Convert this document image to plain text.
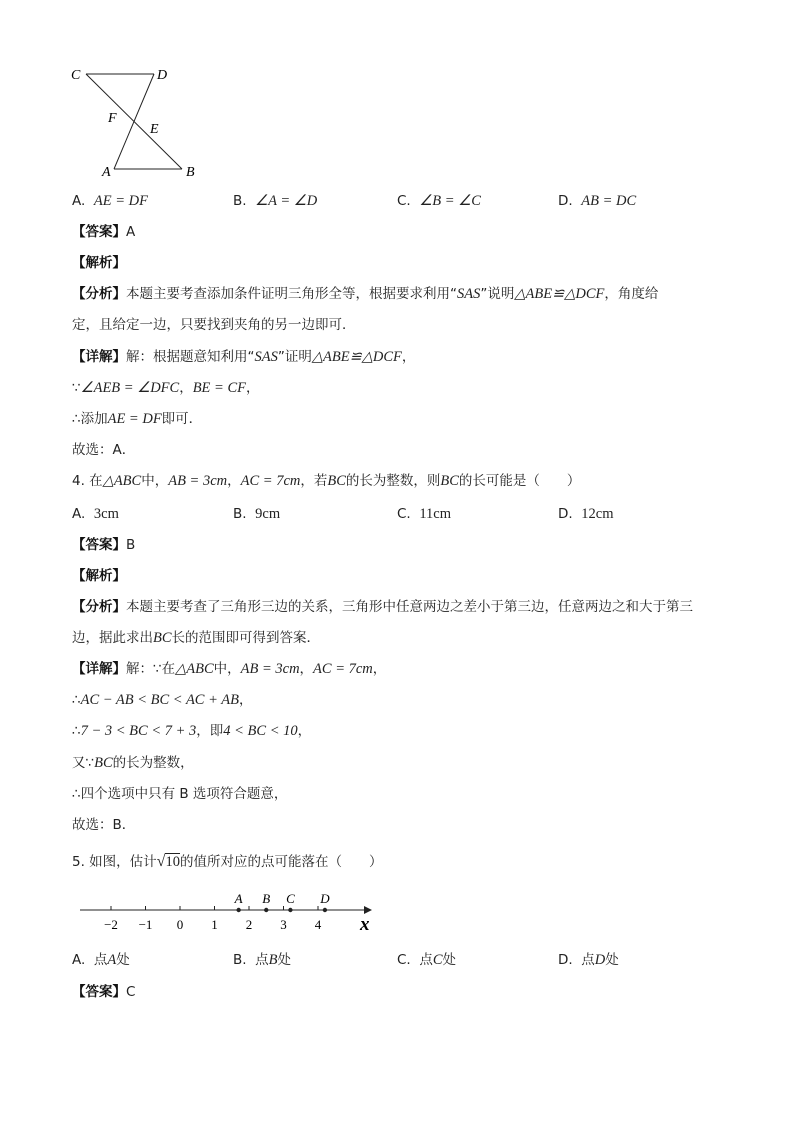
C	D
F
E
A	B
A. AE = DF	B. ∠A = ∠D	C. ∠B = ∠C	D. AB = DC
【答案】A
【解析】
【分析】本题主要考查添加条件证明三角形全等，根据要求利用“SAS”说明△ABE≌△DCF，角度给
定，且给定一边，只要找到夹角的另一边即可．
【详解】解：根据题意知利用“SAS”证明△ABE≌△DCF，
∵∠AEB = ∠DFC，BE = CF，
∴添加AE = DF即可．
故选：A．
4. 在△ABC中，AB = 3cm，AC = 7cm，若BC的长为整数，则BC的长可能是（　　）
A. 3cm	B. 9cm	C. 11cm	D. 12cm
【答案】B
【解析】
【分析】本题主要考查了三角形三边的关系，三角形中任意两边之差小于第三边，任意两边之和大于第三
边，据此求出BC长的范围即可得到答案．
【详解】解：∵在△ABC中，AB = 3cm，AC = 7cm，
∴AC − AB < BC < AC + AB，
∴7 − 3 < BC < 7 + 3，即4 < BC < 10，
又∵BC的长为整数，
∴四个选项中只有 B 选项符合题意，
故选：B．
5. 如图，估计√10的值所对应的点可能落在（　　）
−2 −1 0 1 2 3 4
A B C D
x
A. 点A处	B. 点B处	C. 点C处	D. 点D处
【答案】C
